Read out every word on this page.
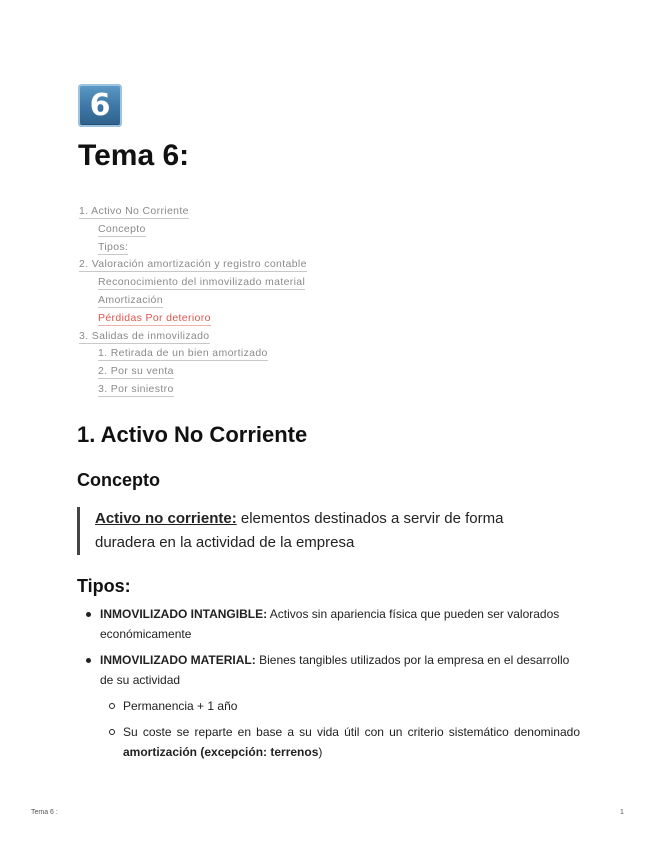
6
Tema 6:
1. Activo No Corriente
Concepto
Tipos:
2. Valoración amortización y registro contable
Reconocimiento del inmovilizado material
Amortización
Pérdidas Por deterioro
3. Salidas de inmovilizado
1. Retirada de un bien amortizado
2. Por su venta
3. Por siniestro
1. Activo No Corriente
Concepto
Activo no corriente: elementos destinados a servir de forma duradera en la actividad de la empresa
Tipos:
INMOVILIZADO INTANGIBLE: Activos sin apariencia física que pueden ser valorados económicamente
INMOVILIZADO MATERIAL: Bienes tangibles utilizados por la empresa en el desarrollo de su actividad
Permanencia + 1 año
Su coste se reparte en base a su vida útil con un criterio sistemático denominado amortización (excepción: terrenos)
Tema 6 :	1
